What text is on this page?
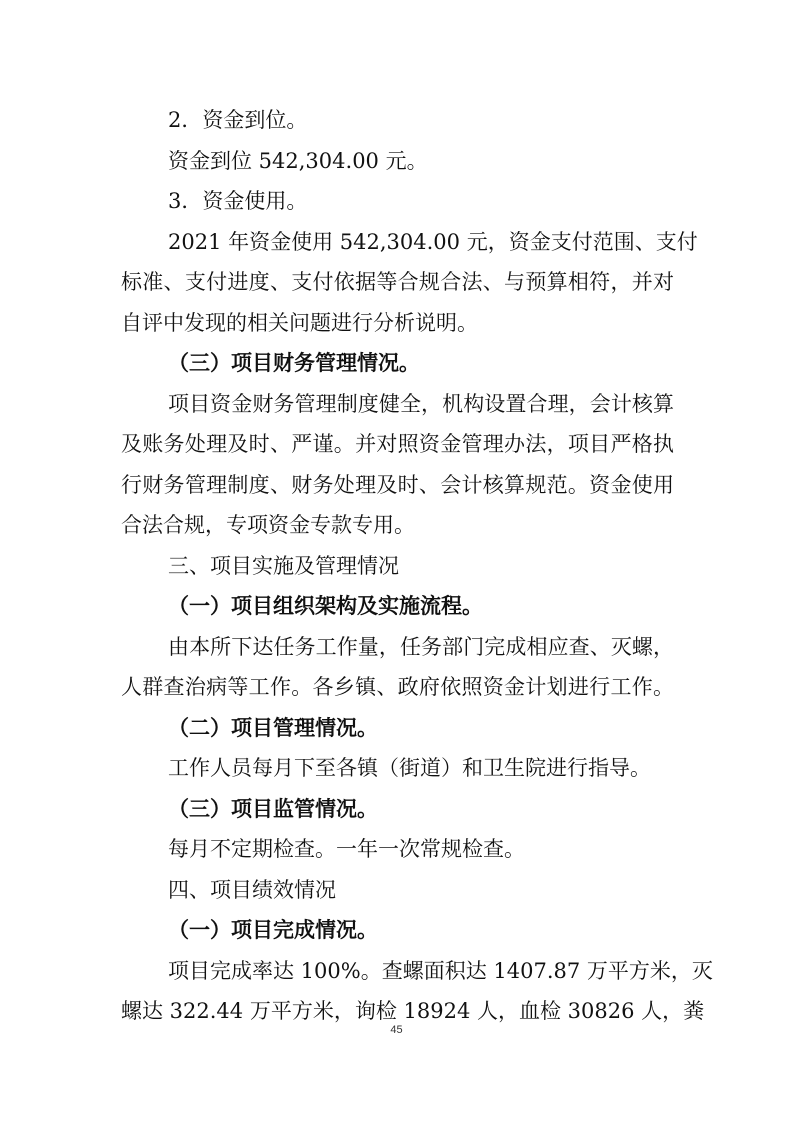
2．资金到位。
资金到位 542,304.00 元。
3．资金使用。
2021 年资金使用 542,304.00 元，资金支付范围、支付
标准、支付进度、支付依据等合规合法、与预算相符，并对
自评中发现的相关问题进行分析说明。
（三）项目财务管理情况。
项目资金财务管理制度健全，机构设置合理，会计核算
及账务处理及时、严谨。并对照资金管理办法，项目严格执
行财务管理制度、财务处理及时、会计核算规范。资金使用
合法合规，专项资金专款专用。
三、项目实施及管理情况
（一）项目组织架构及实施流程。
由本所下达任务工作量，任务部门完成相应查、灭螺，
人群查治病等工作。各乡镇、政府依照资金计划进行工作。
（二）项目管理情况。
工作人员每月下至各镇（街道）和卫生院进行指导。
（三）项目监管情况。
每月不定期检查。一年一次常规检查。
四、项目绩效情况
（一）项目完成情况。
项目完成率达 100%。查螺面积达 1407.87 万平方米，灭
螺达 322.44 万平方米，询检 18924 人，血检 30826 人，粪
45
